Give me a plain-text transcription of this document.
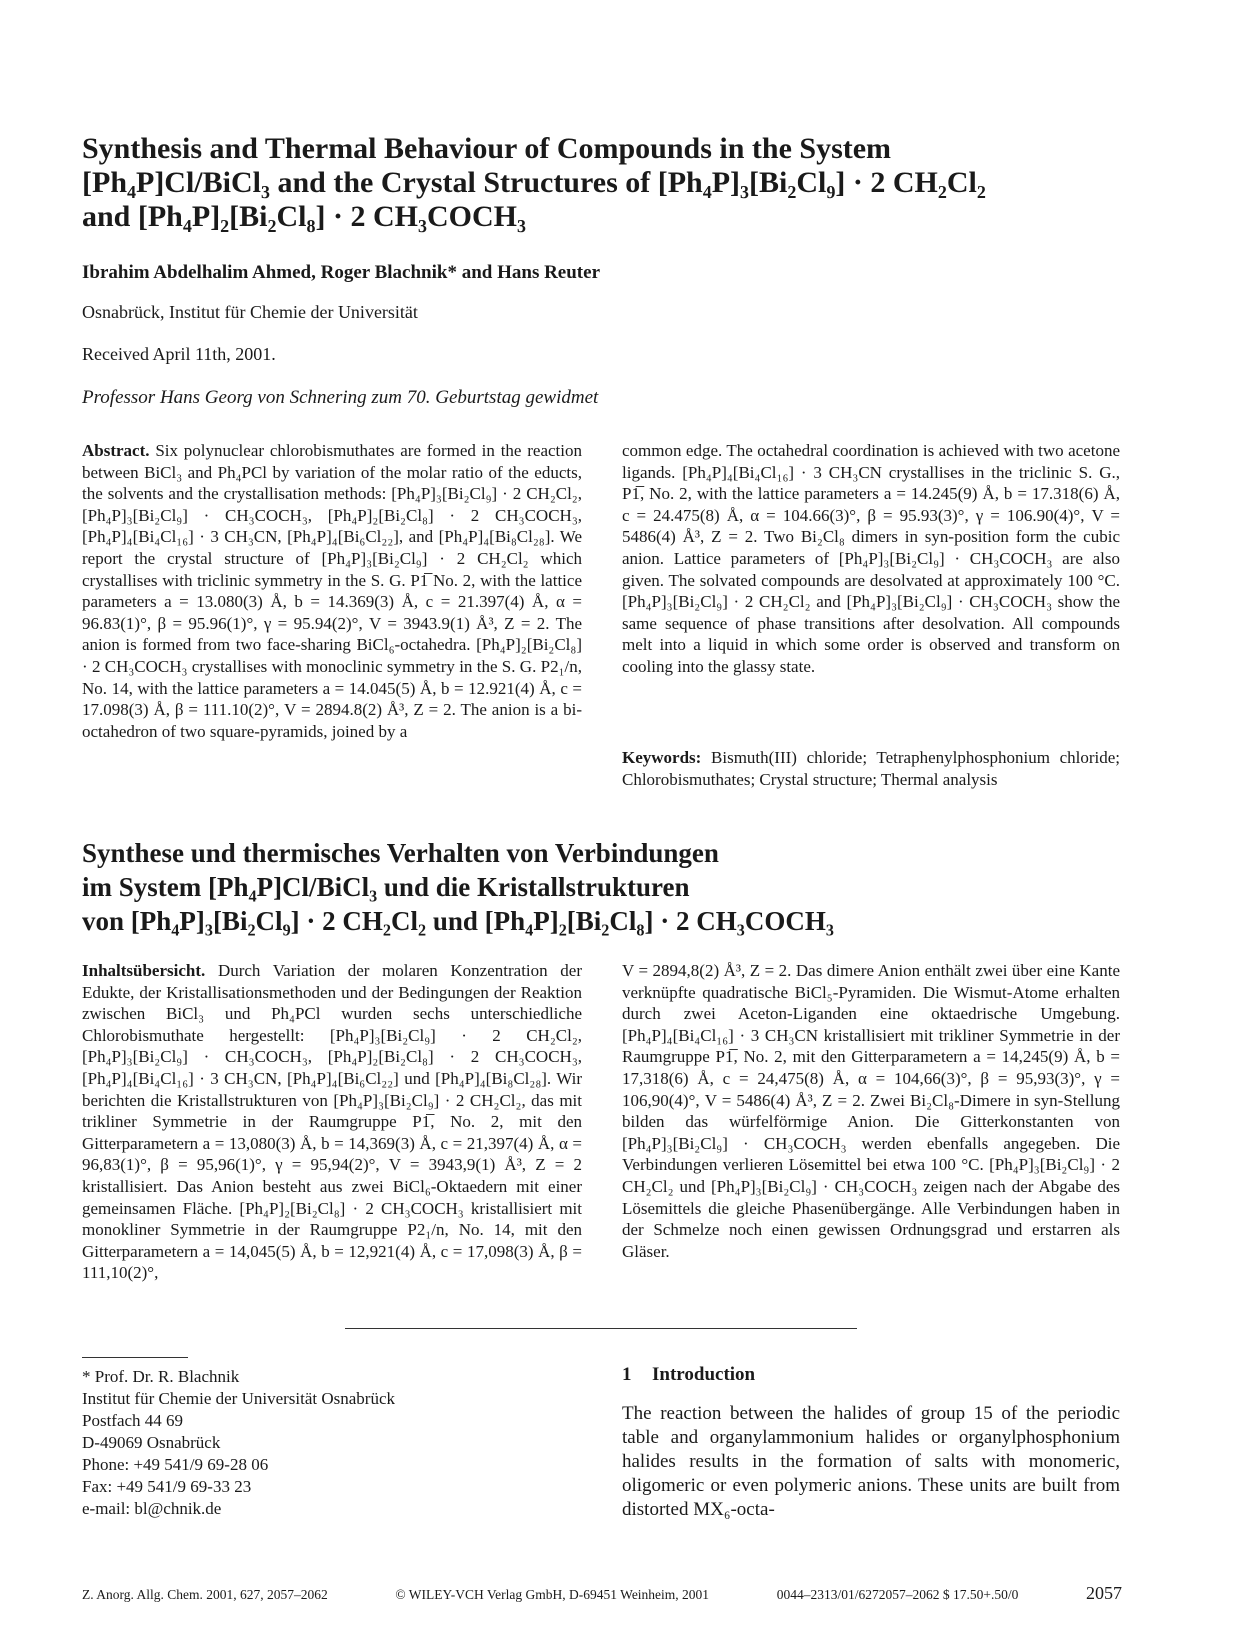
Synthesis and Thermal Behaviour of Compounds in the System
[Ph₄P]Cl/BiCl₃ and the Crystal Structures of [Ph₄P]₃[Bi₂Cl₉] · 2 CH₂Cl₂
and [Ph₄P]₂[Bi₂Cl₈] · 2 CH₃COCH₃
Ibrahim Abdelhalim Ahmed, Roger Blachnik* and Hans Reuter
Osnabrück, Institut für Chemie der Universität
Received April 11th, 2001.
Professor Hans Georg von Schnering zum 70. Geburtstag gewidmet

Abstract. Six polynuclear chlorobismuthates are formed in the reaction between BiCl₃ and Ph₄PCl by variation of the molar ratio of the educts, the solvents and the crystallisation methods: [Ph₄P]₃[Bi₂Cl₉] · 2 CH₂Cl₂, [Ph₄P]₃[Bi₂Cl₉] · CH₃COCH₃, [Ph₄P]₂[Bi₂Cl₈] · 2 CH₃COCH₃, [Ph₄P]₄[Bi₄Cl₁₆] · 3 CH₃CN, [Ph₄P]₄[Bi₆Cl₂₂], and [Ph₄P]₄[Bi₈Cl₂₈]. We report the crystal structure of [Ph₄P]₃[Bi₂Cl₉] · 2 CH₂Cl₂ which crystallises with triclinic symmetry in the S. G. P1̅ No. 2, with the lattice parameters a = 13.080(3) Å, b = 14.369(3) Å, c = 21.397(4) Å, α = 96.83(1)°, β = 95.96(1)°, γ = 95.94(2)°, V = 3943.9(1) Å³, Z = 2. The anion is formed from two face-sharing BiCl₆-octahedra. [Ph₄P]₂[Bi₂Cl₈] · 2 CH₃COCH₃ crystallises with monoclinic symmetry in the S. G. P2₁/n, No. 14, with the lattice parameters a = 14.045(5) Å, b = 12.921(4) Å, c = 17.098(3) Å, β = 111.10(2)°, V = 2894.8(2) Å³, Z = 2. The anion is a bi-octahedron of two square-pyramids, joined by a

common edge. The octahedral coordination is achieved with two acetone ligands. [Ph₄P]₄[Bi₄Cl₁₆] · 3 CH₃CN crystallises in the triclinic S. G., P1̅, No. 2, with the lattice parameters a = 14.245(9) Å, b = 17.318(6) Å, c = 24.475(8) Å, α = 104.66(3)°, β = 95.93(3)°, γ = 106.90(4)°, V = 5486(4) Å³, Z = 2. Two Bi₂Cl₈ dimers in syn-position form the cubic anion. Lattice parameters of [Ph₄P]₃[Bi₂Cl₉] · CH₃COCH₃ are also given. The solvated compounds are desolvated at approximately 100 °C. [Ph₄P]₃[Bi₂Cl₉] · 2 CH₂Cl₂ and [Ph₄P]₃[Bi₂Cl₉] · CH₃COCH₃ show the same sequence of phase transitions after desolvation. All compounds melt into a liquid in which some order is observed and transform on cooling into the glassy state.

Keywords: Bismuth(III) chloride; Tetraphenylphosphonium chloride; Chlorobismuthates; Crystal structure; Thermal analysis

Synthese und thermisches Verhalten von Verbindungen
im System [Ph₄P]Cl/BiCl₃ und die Kristallstrukturen
von [Ph₄P]₃[Bi₂Cl₉] · 2 CH₂Cl₂ und [Ph₄P]₂[Bi₂Cl₈] · 2 CH₃COCH₃

Inhaltsübersicht. Durch Variation der molaren Konzentration der Edukte, der Kristallisationsmethoden und der Bedingungen der Reaktion zwischen BiCl₃ und Ph₄PCl wurden sechs unterschiedliche Chlorobismuthate hergestellt: [Ph₄P]₃[Bi₂Cl₉] · 2 CH₂Cl₂, [Ph₄P]₃[Bi₂Cl₉] · CH₃COCH₃, [Ph₄P]₂[Bi₂Cl₈] · 2 CH₃COCH₃, [Ph₄P]₄[Bi₄Cl₁₆] · 3 CH₃CN, [Ph₄P]₄[Bi₆Cl₂₂] und [Ph₄P]₄[Bi₈Cl₂₈]. Wir berichten die Kristallstrukturen von [Ph₄P]₃[Bi₂Cl₉] · 2 CH₂Cl₂, das mit trikliner Symmetrie in der Raumgruppe P1̅, No. 2, mit den Gitterparametern a = 13,080(3) Å, b = 14,369(3) Å, c = 21,397(4) Å, α = 96,83(1)°, β = 95,96(1)°, γ = 95,94(2)°, V = 3943,9(1) Å³, Z = 2 kristallisiert. Das Anion besteht aus zwei BiCl₆-Oktaedern mit einer gemeinsamen Fläche. [Ph₄P]₂[Bi₂Cl₈] · 2 CH₃COCH₃ kristallisiert mit monokliner Symmetrie in der Raumgruppe P2₁/n, No. 14, mit den Gitterparametern a = 14,045(5) Å, b = 12,921(4) Å, c = 17,098(3) Å, β = 111,10(2)°,

V = 2894,8(2) Å³, Z = 2. Das dimere Anion enthält zwei über eine Kante verknüpfte quadratische BiCl₅-Pyramiden. Die Wismut-Atome erhalten durch zwei Aceton-Liganden eine oktaedrische Umgebung. [Ph₄P]₄[Bi₄Cl₁₆] · 3 CH₃CN kristallisiert mit trikliner Symmetrie in der Raumgruppe P1̅, No. 2, mit den Gitterparametern a = 14,245(9) Å, b = 17,318(6) Å, c = 24,475(8) Å, α = 104,66(3)°, β = 95,93(3)°, γ = 106,90(4)°, V = 5486(4) Å³, Z = 2. Zwei Bi₂Cl₈-Dimere in syn-Stellung bilden das würfelförmige Anion. Die Gitterkonstanten von [Ph₄P]₃[Bi₂Cl₉] · CH₃COCH₃ werden ebenfalls angegeben. Die Verbindungen verlieren Lösemittel bei etwa 100 °C. [Ph₄P]₃[Bi₂Cl₉] · 2 CH₂Cl₂ und [Ph₄P]₃[Bi₂Cl₉] · CH₃COCH₃ zeigen nach der Abgabe des Lösemittels die gleiche Phasenübergänge. Alle Verbindungen haben in der Schmelze noch einen gewissen Ordnungsgrad und erstarren als Gläser.

* Prof. Dr. R. Blachnik
Institut für Chemie der Universität Osnabrück
Postfach 44 69
D-49069 Osnabrück
Phone: +49 541/9 69-28 06
Fax: +49 541/9 69-33 23
e-mail: bl@chnik.de
1 Introduction
The reaction between the halides of group 15 of the periodic table and organylammonium halides or organylphosphonium halides results in the formation of salts with monomeric, oligomeric or even polymeric anions. These units are built from distorted MX₆-octa-
Z. Anorg. Allg. Chem. 2001, 627, 2057–2062	© WILEY-VCH Verlag GmbH, D-69451 Weinheim, 2001	0044–2313/01/6272057–2062 $ 17.50+.50/0	2057
